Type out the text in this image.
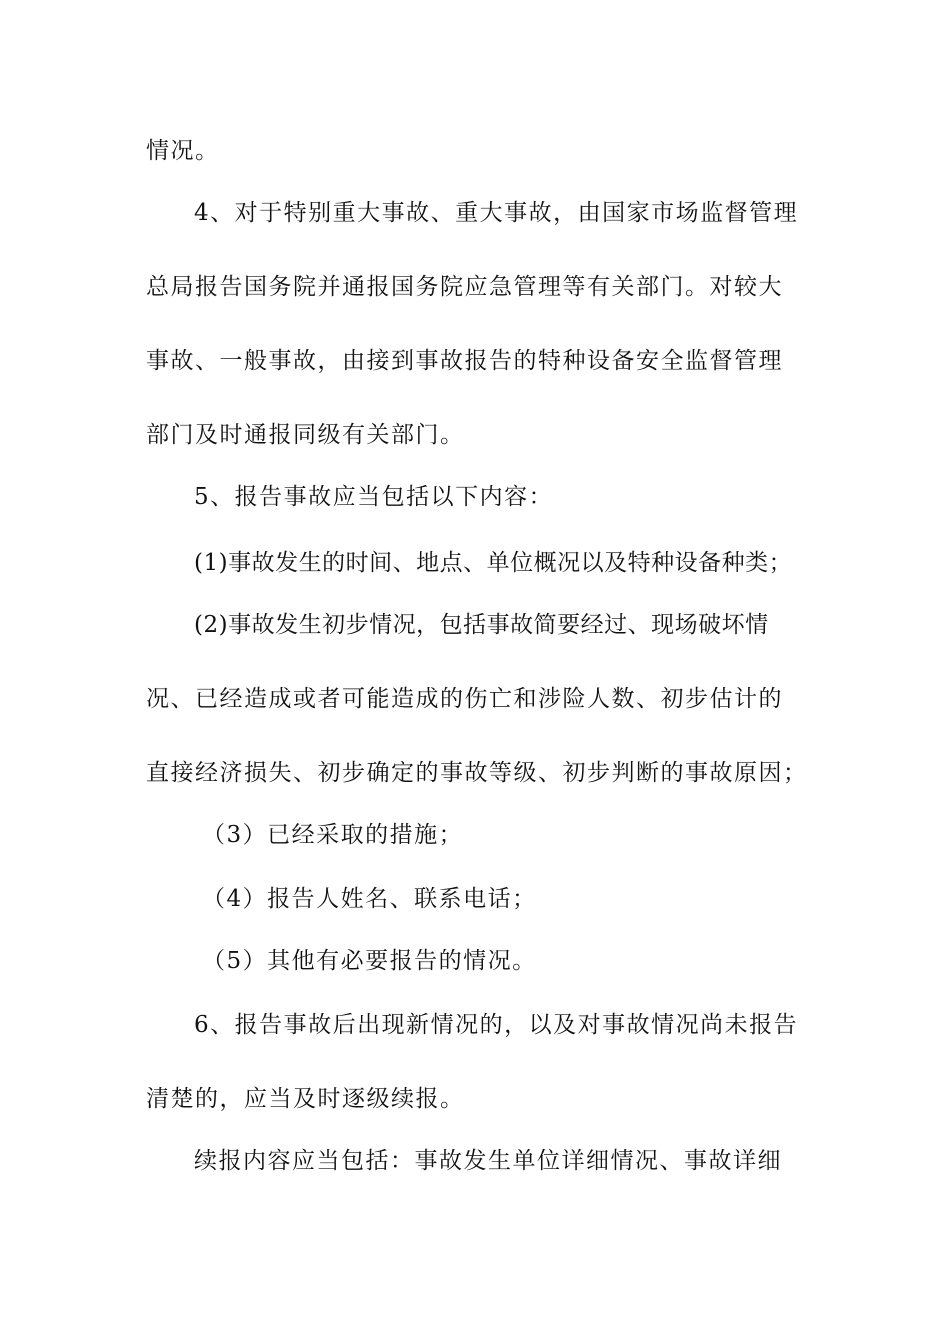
情况。
4、对于特别重大事故、重大事故，由国家市场监督管理
总局报告国务院并通报国务院应急管理等有关部门。对较大
事故、一般事故，由接到事故报告的特种设备安全监督管理
部门及时通报同级有关部门。
5、报告事故应当包括以下内容：
(1)事故发生的时间、地点、单位概况以及特种设备种类；
(2)事故发生初步情况，包括事故简要经过、现场破坏情
况、已经造成或者可能造成的伤亡和涉险人数、初步估计的
直接经济损失、初步确定的事故等级、初步判断的事故原因；
（3）已经采取的措施；
（4）报告人姓名、联系电话；
（5）其他有必要报告的情况。
6、报告事故后出现新情况的，以及对事故情况尚未报告
清楚的，应当及时逐级续报。
续报内容应当包括：事故发生单位详细情况、事故详细
